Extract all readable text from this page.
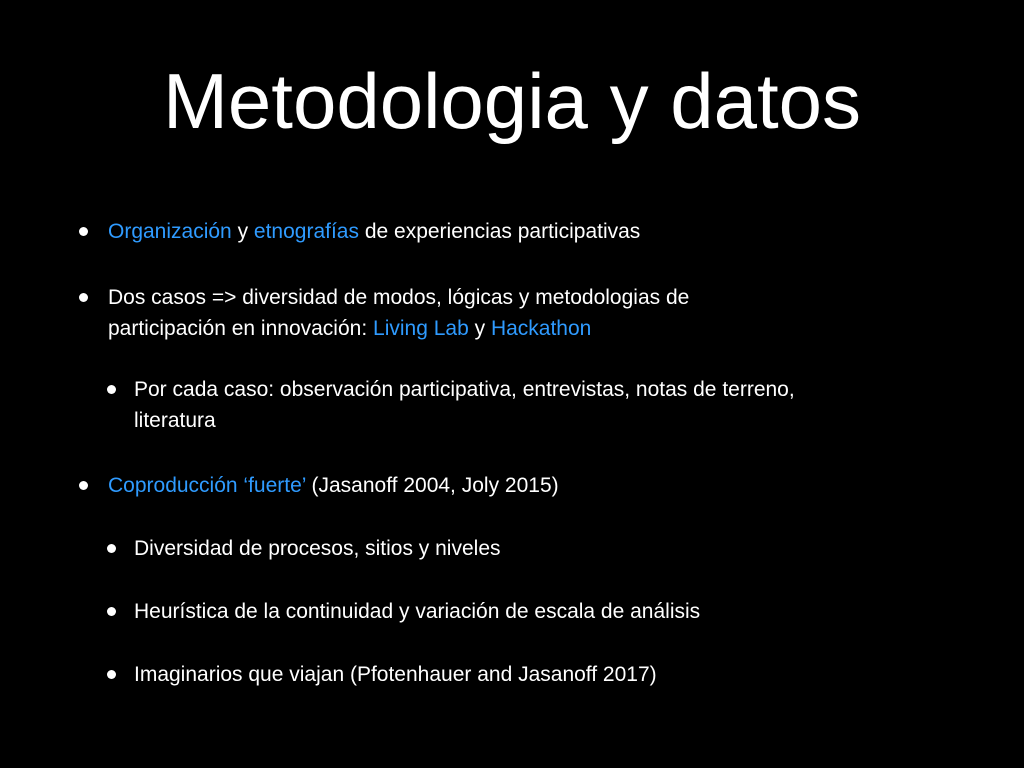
Metodologia y datos
Organización y etnografías de experiencias participativas
Dos casos => diversidad de modos, lógicas y metodologias de
participación en innovación: Living Lab y Hackathon
Por cada caso: observación participativa, entrevistas, notas de terreno,
literatura
Coproducción ‘fuerte’ (Jasanoff 2004, Joly 2015)
Diversidad de procesos, sitios y niveles
Heurística de la continuidad y variación de escala de análisis
Imaginarios que viajan (Pfotenhauer and Jasanoff 2017)
